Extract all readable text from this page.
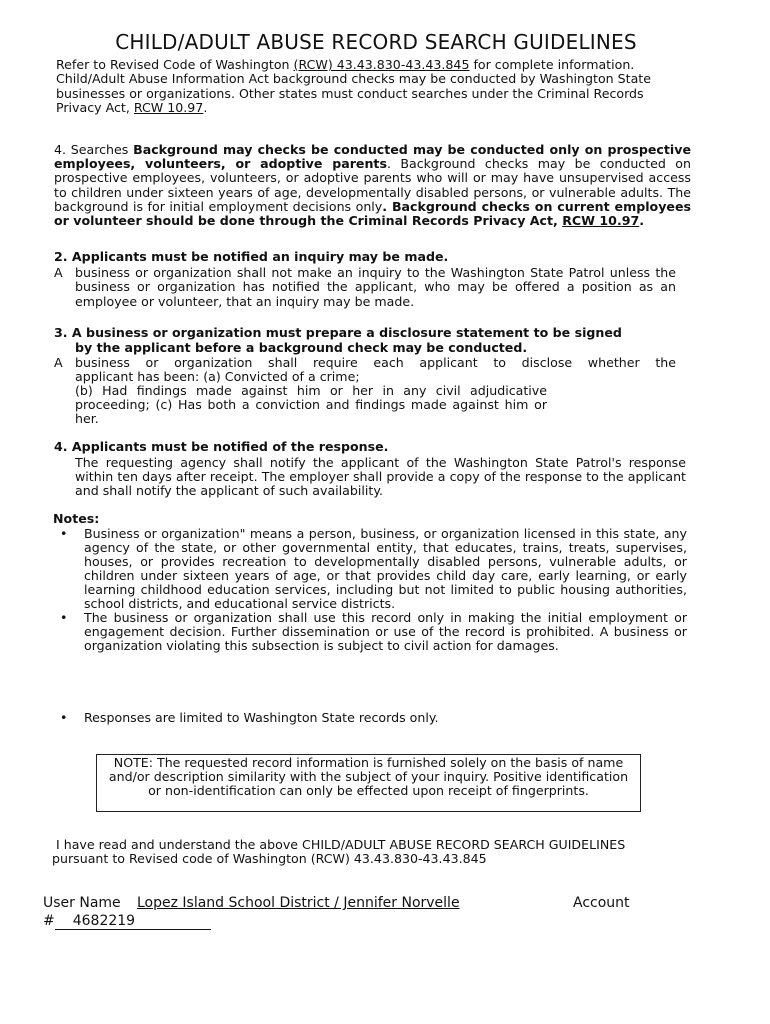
CHILD/ADULT ABUSE RECORD SEARCH GUIDELINES
Refer to Revised Code of Washington (RCW) 43.43.830-43.43.845 for complete information. Child/Adult Abuse Information Act background checks may be conducted by Washington State businesses or organizations. Other states must conduct searches under the Criminal Records Privacy Act, RCW 10.97.
4. Searches Background may checks be conducted may be conducted only on prospective employees, volunteers, or adoptive parents. Background checks may be conducted on prospective employees, volunteers, or adoptive parents who will or may have unsupervised access to children under sixteen years of age, developmentally disabled persons, or vulnerable adults. The background is for initial employment decisions only. Background checks on current employees or volunteer should be done through the Criminal Records Privacy Act, RCW 10.97.
2. Applicants must be notified an inquiry may be made.
A business or organization shall not make an inquiry to the Washington State Patrol unless the business or organization has notified the applicant, who may be offered a position as an employee or volunteer, that an inquiry may be made.
3. A business or organization must prepare a disclosure statement to be signed
by the applicant before a background check may be conducted.
A business or organization shall require each applicant to disclose whether the
applicant has been: (a) Convicted of a crime;
(b) Had findings made against him or her in any civil adjudicative proceeding; (c) Has both a conviction and findings made against him or her.
4. Applicants must be notified of the response.
The requesting agency shall notify the applicant of the Washington State Patrol's response within ten days after receipt. The employer shall provide a copy of the response to the applicant and shall notify the applicant of such availability.
Notes:
• Business or organization" means a person, business, or organization licensed in this state, any agency of the state, or other governmental entity, that educates, trains, treats, supervises, houses, or provides recreation to developmentally disabled persons, vulnerable adults, or children under sixteen years of age, or that provides child day care, early learning, or early learning childhood education services, including but not limited to public housing authorities, school districts, and educational service districts.
• The business or organization shall use this record only in making the initial employment or engagement decision. Further dissemination or use of the record is prohibited. A business or organization violating this subsection is subject to civil action for damages.
• Responses are limited to Washington State records only.
NOTE: The requested record information is furnished solely on the basis of name and/or description similarity with the subject of your inquiry. Positive identification or non-identification can only be effected upon receipt of fingerprints.
I have read and understand the above CHILD/ADULT ABUSE RECORD SEARCH GUIDELINES
pursuant to Revised code of Washington (RCW) 43.43.830-43.43.845
User Name Lopez Island School District / Jennifer Norvelle	Account
# 4682219
